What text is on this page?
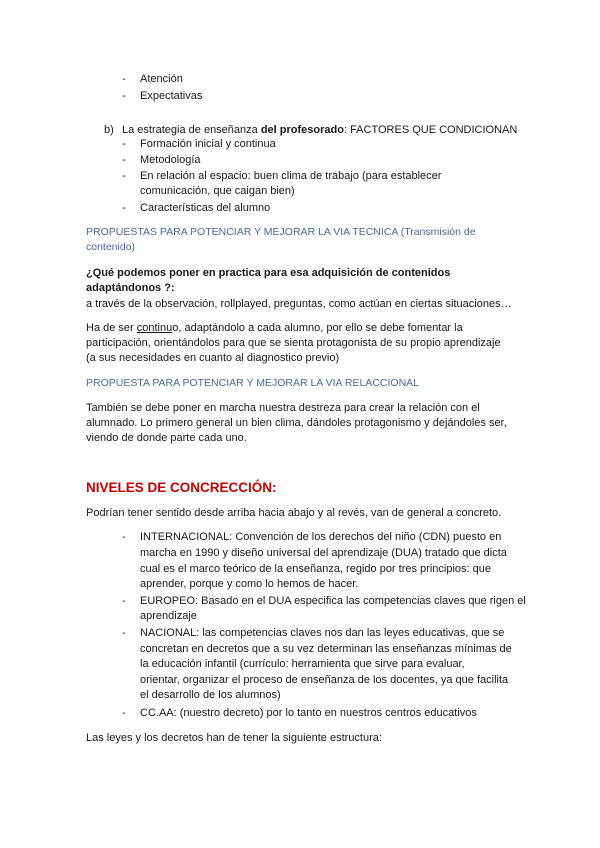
- Atención
- Expectativas
b) La estrategia de enseñanza del profesorado: FACTORES QUE CONDICIONAN
- Formación inicial y continua
- Metodología
- En relación al espacio: buen clima de trabajo (para establecer
comunicación, que caigan bien)
- Características del alumno
PROPUESTAS PARA POTENCIAR Y MEJORAR LA VIA TECNICA (Transmisión de
contenido)
¿Qué podemos poner en practica para esa adquisición de contenidos
adaptándonos ?:
a través de la observación, rollplayed, preguntas, como actúan en ciertas situaciones…
Ha de ser continuo, adaptándolo a cada alumno, por ello se debe fomentar la
participación, orientándolos para que se sienta protagonista de su propio aprendizaje
(a sus necesidades en cuanto al diagnostico previo)
PROPUESTA PARA POTENCIAR Y MEJORAR LA VIA RELACCIONAL
También se debe poner en marcha nuestra destreza para crear la relación con el
alumnado. Lo primero general un bien clima, dándoles protagonismo y dejándoles ser,
viendo de donde parte cada uno.
NIVELES DE CONCRECCIÓN:
Podrían tener sentido desde arriba hacia abajo y al revés, van de general a concreto.
- INTERNACIONAL: Convención de los derechos del niño (CDN) puesto en
marcha en 1990 y diseño universal del aprendizaje (DUA) tratado que dicta
cual es el marco teórico de la enseñanza, regido por tres principios: que
aprender, porque y como lo hemos de hacer.
- EUROPEO: Basado en el DUA especifica las competencias claves que rigen el
aprendizaje
- NACIONAL: las competencias claves nos dan las leyes educativas, que se
concretan en decretos que a su vez determinan las enseñanzas mínimas de
la educación infantil (currículo: herramienta que sirve para evaluar,
orientar, organizar el proceso de enseñanza de los docentes, ya que facilita
el desarrollo de los alumnos)
- CC.AA: (nuestro decreto) por lo tanto en nuestros centros educativos
Las leyes y los decretos han de tener la siguiente estructura:
